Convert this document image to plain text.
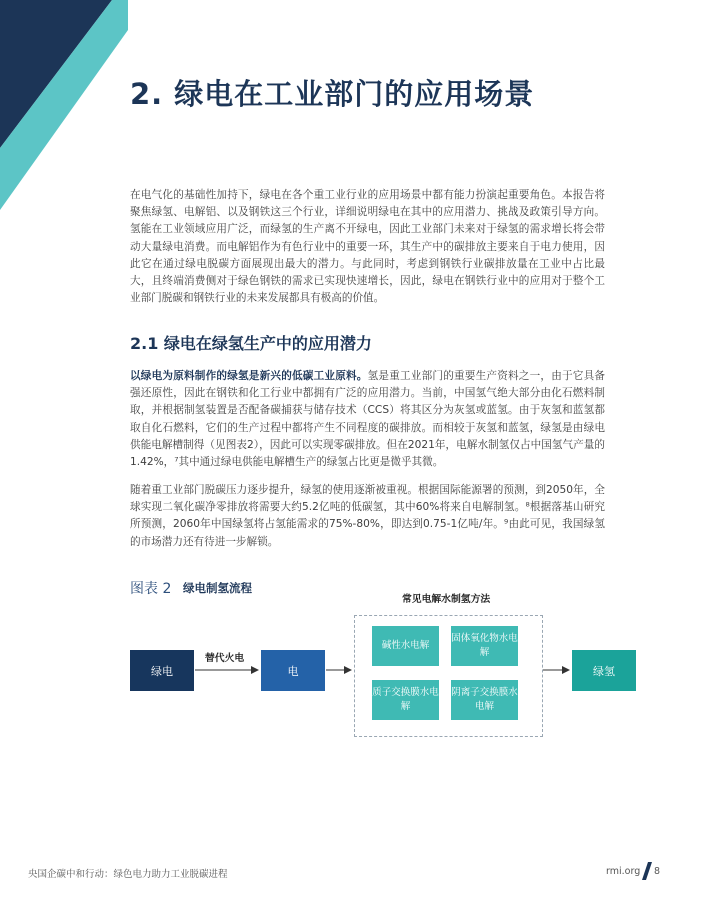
2. 绿电在工业部门的应用场景

在电气化的基础性加持下，绿电在各个重工业行业的应用场景中都有能力扮演起重要角色。本报告将聚焦绿氢、电解铝、以及钢铁这三个行业，详细说明绿电在其中的应用潜力、挑战及政策引导方向。氢能在工业领域应用广泛，而绿氢的生产离不开绿电，因此工业部门未来对于绿氢的需求增长将会带动大量绿电消费。而电解铝作为有色行业中的重要一环，其生产中的碳排放主要来自于电力使用，因此它在通过绿电脱碳方面展现出最大的潜力。与此同时，考虑到钢铁行业碳排放量在工业中占比最大，且终端消费侧对于绿色钢铁的需求已实现快速增长，因此，绿电在钢铁行业中的应用对于整个工业部门脱碳和钢铁行业的未来发展都具有极高的价值。

2.1 绿电在绿氢生产中的应用潜力

以绿电为原料制作的绿氢是新兴的低碳工业原料。氢是重工业部门的重要生产资料之一，由于它具备强还原性，因此在钢铁和化工行业中都拥有广泛的应用潜力。当前，中国氢气绝大部分由化石燃料制取，并根据制氢装置是否配备碳捕获与储存技术（CCS）将其区分为灰氢或蓝氢。由于灰氢和蓝氢都取自化石燃料，它们的生产过程中都将产生不同程度的碳排放。而相较于灰氢和蓝氢，绿氢是由绿电供能电解槽制得（见图表2），因此可以实现零碳排放。但在2021年，电解水制氢仅占中国氢气产量的1.42%，⁷其中通过绿电供能电解槽生产的绿氢占比更是微乎其微。

随着重工业部门脱碳压力逐步提升，绿氢的使用逐渐被重视。根据国际能源署的预测，到2050年，全球实现二氧化碳净零排放将需要大约5.2亿吨的低碳氢，其中60%将来自电解制氢。⁸根据落基山研究所预测，2060年中国绿氢将占氢能需求的75%-80%，即达到0.75-1亿吨/年。⁹由此可见，我国绿氢的市场潜力还有待进一步解锁。

图表 2 绿电制氢流程
绿电
替代火电
电
常见电解水制氢方法
碱性水电解
固体氧化物水电解
质子交换膜水电解
阴离子交换膜水电解
绿氢
央国企碳中和行动：绿色电力助力工业脱碳进程	rmi.org 8
